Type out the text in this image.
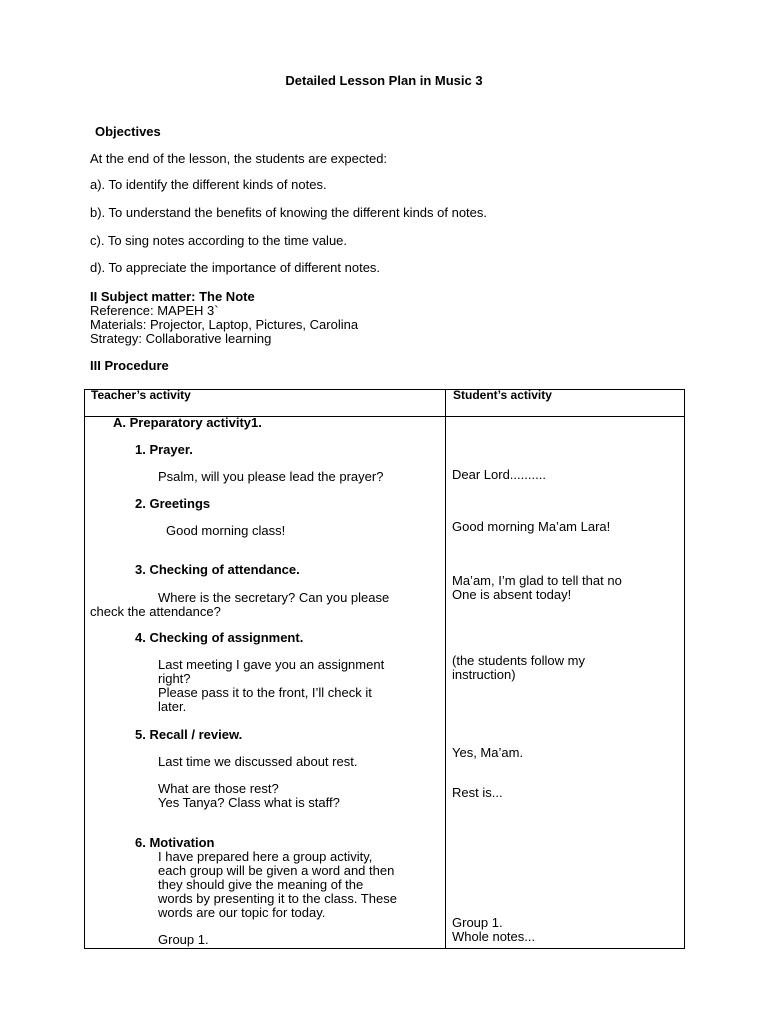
Detailed Lesson Plan in Music 3
Objectives
At the end of the lesson, the students are expected:
a). To identify the different kinds of notes.
b). To understand the benefits of knowing the different kinds of notes.
c). To sing notes according to the time value.
d). To appreciate the importance of different notes.
II Subject matter: The Note
Reference: MAPEH 3`
Materials: Projector, Laptop, Pictures, Carolina
Strategy: Collaborative learning
III Procedure
Teacher’s activity	Student’s activity
A. Preparatory activity1.
1. Prayer.
Psalm, will you please lead the prayer?
2. Greetings
Good morning class!
3. Checking of attendance.
Where is the secretary? Can you please
check the attendance?
4. Checking of assignment.
Last meeting I gave you an assignment
right?
Please pass it to the front, I’ll check it
later.
5. Recall / review.
Last time we discussed about rest.
What are those rest?
Yes Tanya? Class what is staff?
6. Motivation
I have prepared here a group activity,
each group will be given a word and then
they should give the meaning of the
words by presenting it to the class. These
words are our topic for today.
Group 1.
Dear Lord..........
Good morning Ma’am Lara!
Ma’am, I’m glad to tell that no
One is absent today!
(the students follow my
instruction)
Yes, Ma’am.
Rest is...
Group 1.
Whole notes...
